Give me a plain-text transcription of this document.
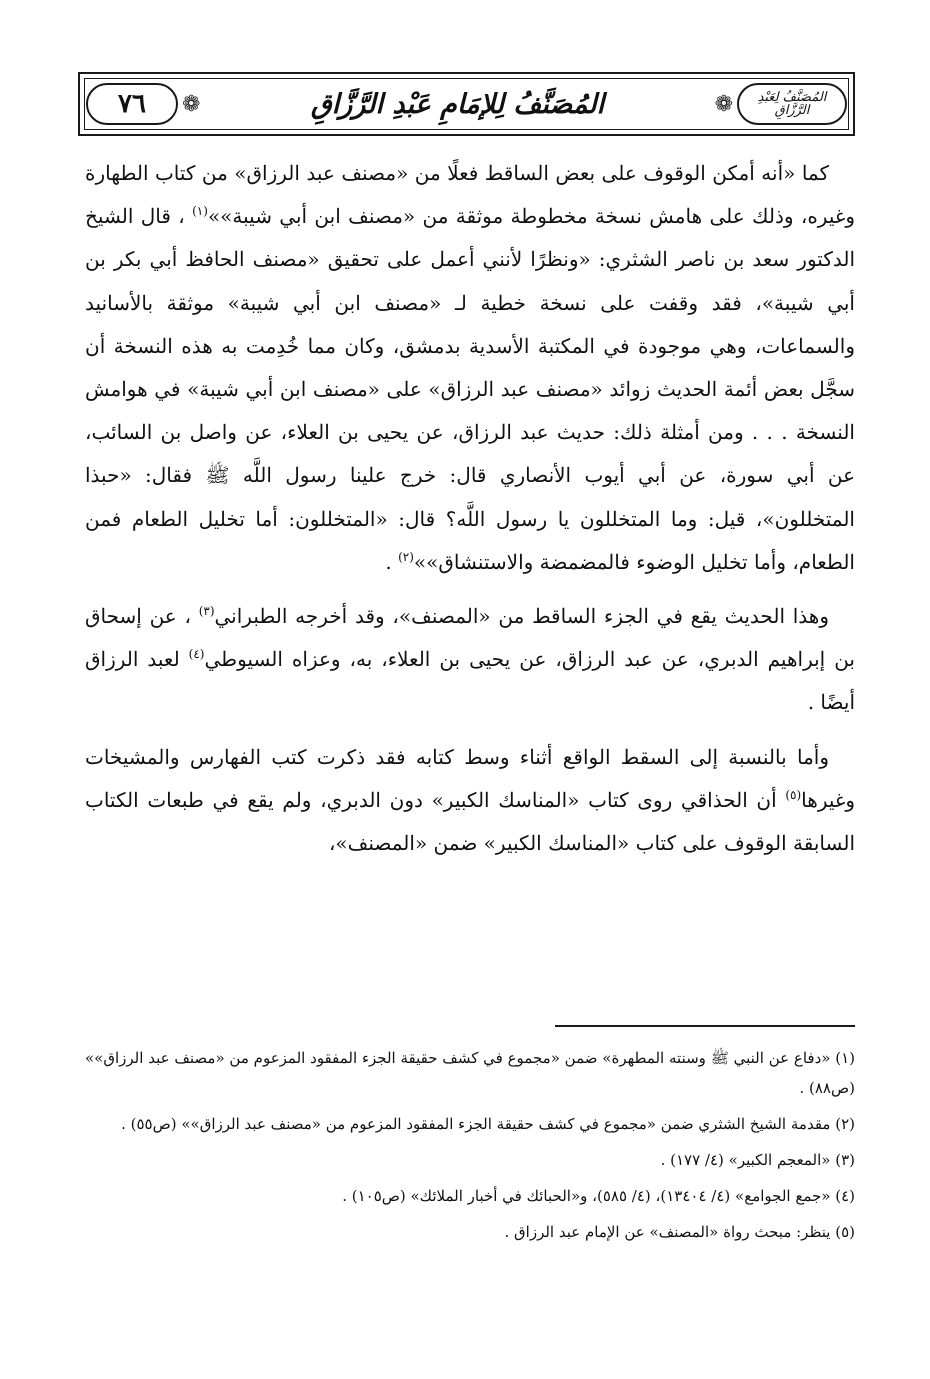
٧٦ ❁	المُصَنَّفُ لِلإمَامِ عَبْدِ الرَّزَّاقِ	❁	المُصَنَّفُ لِعَبْدِ الرَّزَّاقِ

كما «أنه أمكن الوقوف على بعض الساقط فعلًا من «مصنف عبد الرزاق» من كتاب الطهارة وغيره، وذلك على هامش نسخة مخطوطة موثقة من «مصنف ابن أبي شيبة»»$^{(١)}$ ، قال الشيخ الدكتور سعد بن ناصر الشثري: «ونظرًا لأنني أعمل على تحقيق «مصنف الحافظ أبي بكر بن أبي شيبة»، فقد وقفت على نسخة خطية لـ «مصنف ابن أبي شيبة» موثقة بالأسانيد والسماعات، وهي موجودة في المكتبة الأسدية بدمشق، وكان مما خُدِمت به هذه النسخة أن سجَّل بعض أئمة الحديث زوائد «مصنف عبد الرزاق» على «مصنف ابن أبي شيبة» في هوامش النسخة . . . ومن أمثلة ذلك: حديث عبد الرزاق، عن يحيى بن العلاء، عن واصل بن السائب، عن أبي سورة، عن أبي أيوب الأنصاري قال: خرج علينا رسول اللَّه ﷺ فقال: «حبذا المتخللون»، قيل: وما المتخللون يا رسول اللَّه؟ قال: «المتخللون: أما تخليل الطعام فمن الطعام، وأما تخليل الوضوء فالمضمضة والاستنشاق»»$^{(٢)}$ .

وهذا الحديث يقع في الجزء الساقط من «المصنف»، وقد أخرجه الطبراني$^{(٣)}$ ، عن إسحاق بن إبراهيم الدبري، عن عبد الرزاق، عن يحيى بن العلاء، به، وعزاه السيوطي$^{(٤)}$ لعبد الرزاق أيضًا .

وأما بالنسبة إلى السقط الواقع أثناء وسط كتابه فقد ذكرت كتب الفهارس والمشيخات وغيرها$^{(٥)}$ أن الحذاقي روى كتاب «المناسك الكبير» دون الدبري، ولم يقع في طبعات الكتاب السابقة الوقوف على كتاب «المناسك الكبير» ضمن «المصنف»،

(١) «دفاع عن النبي ﷺ وسنته المطهرة» ضمن «مجموع في كشف حقيقة الجزء المفقود المزعوم من «مصنف عبد الرزاق»» (ص٨٨) .

(٢) مقدمة الشيخ الشثري ضمن «مجموع في كشف حقيقة الجزء المفقود المزعوم من «مصنف عبد الرزاق»» (ص٥٥) .

(٣) «المعجم الكبير» (٤/ ١٧٧) .

(٤) «جمع الجوامع» (٤/ ١٣٤٠٤)، (٤/ ٥٨٥)، و«الحبائك في أخبار الملائك» (ص١٠٥) .

(٥) ينظر: مبحث رواة «المصنف» عن الإمام عبد الرزاق .
